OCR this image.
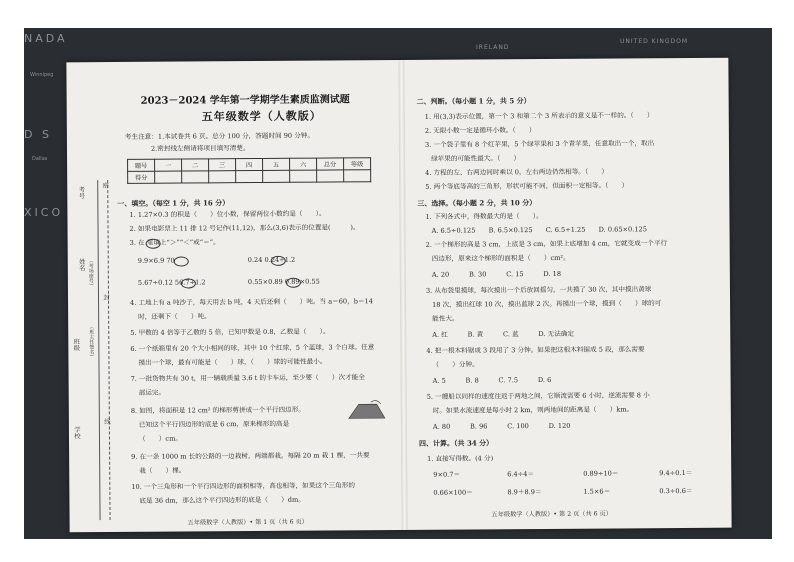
NADA
IRELAND
UNITED KINGDOM
Winnipeg
D S
Dallas
XICO
2023－2024 学年第一学期学生素质监测试题
五年级数学（人教版）
考生注意：1.本试卷共 6 页。总分 100 分，答题时间 90 分钟。
2.密封线左侧请将项目填写清楚。
题号	一	二	三	四	五	六	总分	等级
得分								
考号
密
姓名 （考场座号）
封
班级 （班主任签名）
学校
线
一、填空。（每空 1 分，共 16 分）
1. 1.27×0.3 的积是（　　）位小数，保留两位小数约是（　　）。
2. 如果电影票上 11 排 12 号记作(11,12)，那么(3,6)表示的位置是(　　　)。
3. 在 里填上“＞”“＜”或“＝”。
9.9×6.9 70	0.24 0.24÷1.2
5.67÷0.12 56.7÷1.2	0.55×0.89 0.89×0.55
4. 工地上有 a 吨沙子，每天用去 b 吨，4 天后还剩（　　）吨。当 a＝60，b＝14
时，还剩下（　　）吨。
5. 甲数的 4 倍等于乙数的 5 倍，已知甲数是 0.8，乙数是（　　）。
6. 一个纸箱里有 20 个大小相同的球，其中 10 个红球，5 个蓝球，3 个白球。任意
摸出一个球，最有可能是（　　）球，（　　）球的可能性最小。
7. 一批货物共有 30 t，用一辆载质量 3.6 t 的卡车运，至少要（　　）次才能全
部运完。
8. 如图，将面积是 12 cm² 的梯形剪拼成一个平行四边形。
已知这个平行四边形的底是 6 cm，原来梯形的高是
（　　）cm。
9. 在一条 1000 m 长的公路的一边栽树，两端都栽。每隔 20 m 栽 1 棵，一共要
栽（　　）棵。
10. 一个三角形和一个平行四边形的面积相等，高也相等，如果这个三角形的
底是 36 dm，那么这个平行四边形的底是（　　）dm。
五年级数学（人教版）• 第 1 页（共 6 页）
二、判断。（每小题 1 分，共 5 分）
1. 用(3,3)表示位置，第一个 3 和第二个 3 所表示的意义是不一样的。（　　）
2. 无限小数一定是循环小数。（　　）
3. 一个袋子里有 8 个红苹果，5 个绿苹果和 3 个青苹果，任意取出一个，取出
绿苹果的可能性最大。（　　）
4. 方程的左、右两边同时乘以 0，左右两边仍然相等。（　　）
5. 两个等底等高的三角形，形状可能不同，但面积一定相等。（　　）
三、选择。（每小题 2 分，共 10 分）
1. 下列各式中，得数最大的是（　　）。
A. 6.5÷0.125　　B. 6.5×0.125　　C. 6.5÷1.25　　D. 0.65×0.125
2. 一个梯形的高是 3 cm，上底是 3 cm，如果上底增加 4 cm，它就变成一个平行
四边形，原来这个梯形的面积是（　　）cm²。
A. 20　　　B. 30　　　C. 15　　　D. 18
3. 从布袋里摸球，每次摸出一个后放回摇匀，一共摸了 30 次，其中摸出黄球
18 次，摸出红球 10 次，摸出蓝球 2 次。再摸出一个球，摸到（　　）球的可
能性大。
A. 红　　　B. 黄　　　C. 蓝　　　D. 无法确定
4. 把一根木料锯成 3 段用了 3 分钟。如果把这根木料锯成 5 段，那么需要
（　　）分钟。
A. 5　　　B. 8　　　C. 7.5　　　D. 6
5. 一艘船以同样的速度往返于两地之间，它顺流需要 6 小时，逆流需要 8 小
时。如果水流速度是每小时 2 km，则两地间的距离是（　　）km。
A. 80　　　B. 96　　　C. 100　　　D. 120
四、计算。（共 34 分）
1. 直接写得数。(4 分)
9×0.7＝	6.4÷4＝	0.89÷10＝	9.4÷0.1＝
0.66×100＝	8.9＋8.9＝	1.5×6＝	0.3÷0.6＝
五年级数学（人教版）• 第 2 页（共 6 页）
